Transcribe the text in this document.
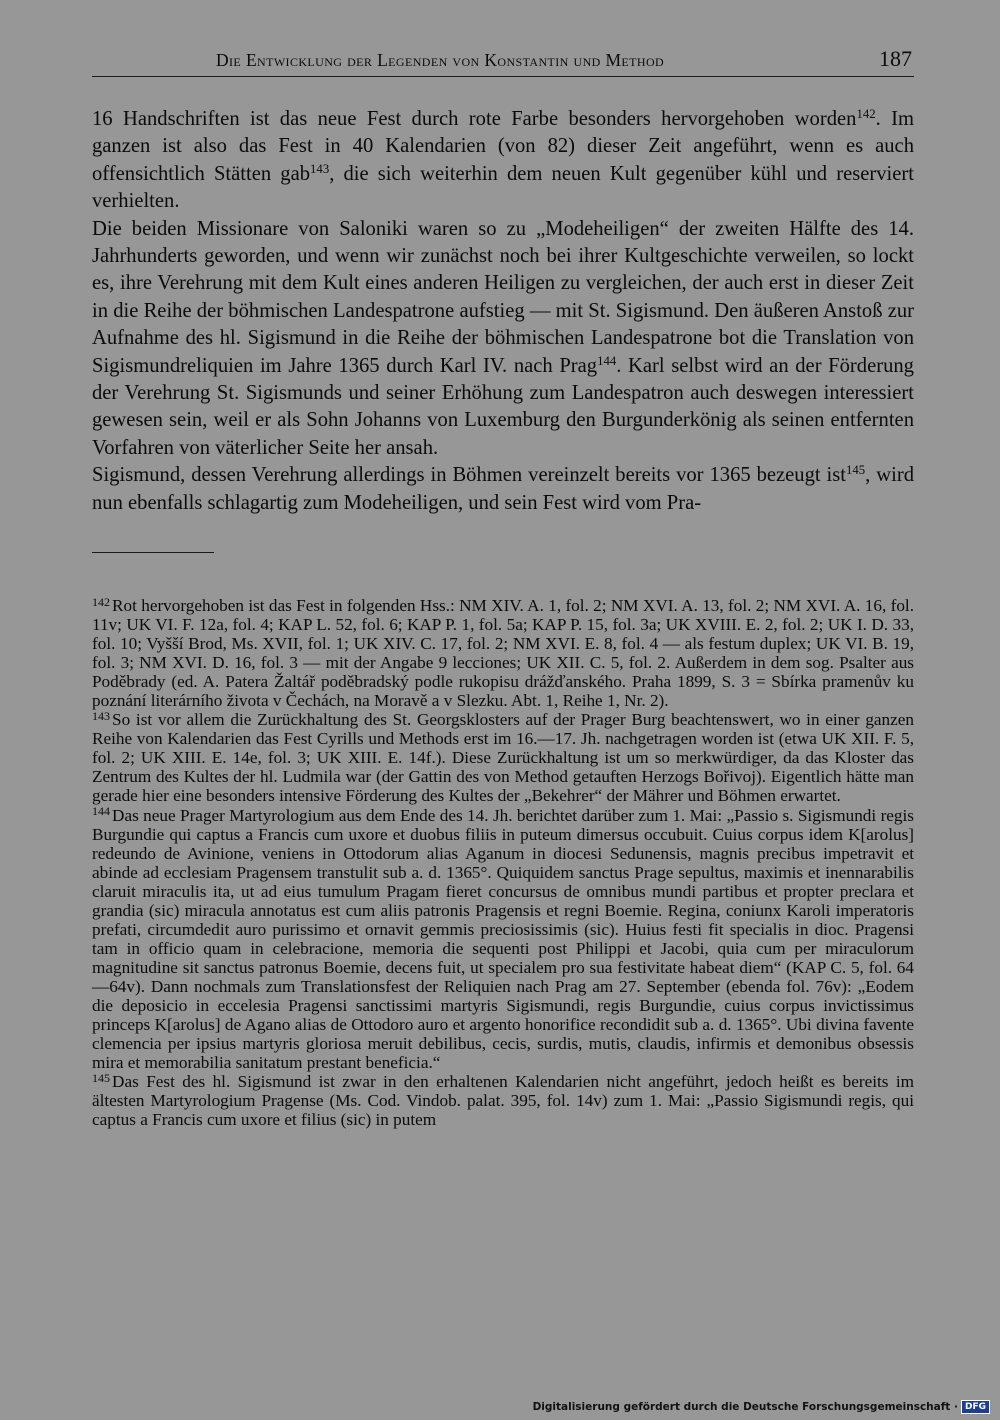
Die Entwicklung der Legenden von Konstantin und Method	187

16 Handschriften ist das neue Fest durch rote Farbe besonders hervorgehoben worden$^{142}$. Im ganzen ist also das Fest in 40 Kalendarien (von 82) dieser Zeit angeführt, wenn es auch offensichtlich Stätten gab$^{143}$, die sich weiterhin dem neuen Kult gegenüber kühl und reserviert verhielten.

Die beiden Missionare von Saloniki waren so zu „Modeheiligen“ der zweiten Hälfte des 14. Jahrhunderts geworden, und wenn wir zunächst noch bei ihrer Kultgeschichte verweilen, so lockt es, ihre Verehrung mit dem Kult eines anderen Heiligen zu vergleichen, der auch erst in dieser Zeit in die Reihe der böhmischen Landespatrone aufstieg — mit St. Sigismund. Den äußeren Anstoß zur Aufnahme des hl. Sigismund in die Reihe der böhmischen Landespatrone bot die Translation von Sigismundreliquien im Jahre 1365 durch Karl IV. nach Prag$^{144}$. Karl selbst wird an der Förderung der Verehrung St. Sigismunds und seiner Erhöhung zum Landespatron auch deswegen interessiert gewesen sein, weil er als Sohn Johanns von Luxemburg den Burgunderkönig als seinen entfernten Vorfahren von väterlicher Seite her ansah.

Sigismund, dessen Verehrung allerdings in Böhmen vereinzelt bereits vor 1365 bezeugt ist$^{145}$, wird nun ebenfalls schlagartig zum Modeheiligen, und sein Fest wird vom Pra-

$^{142}$ Rot hervorgehoben ist das Fest in folgenden Hss.: NM XIV. A. 1, fol. 2; NM XVI. A. 13, fol. 2; NM XVI. A. 16, fol. 11v; UK VI. F. 12a, fol. 4; KAP L. 52, fol. 6; KAP P. 1, fol. 5a; KAP P. 15, fol. 3a; UK XVIII. E. 2, fol. 2; UK I. D. 33, fol. 10; Vyšší Brod, Ms. XVII, fol. 1; UK XIV. C. 17, fol. 2; NM XVI. E. 8, fol. 4 — als festum duplex; UK VI. B. 19, fol. 3; NM XVI. D. 16, fol. 3 — mit der Angabe 9 lecciones; UK XII. C. 5, fol. 2. Außerdem in dem sog. Psalter aus Poděbrady (ed. A. Patera Žaltář poděbradský podle rukopisu drážďanského. Praha 1899, S. 3 = Sbírka pramenův ku poznání literárního života v Čechách, na Moravě a v Slezku. Abt. 1, Reihe 1, Nr. 2).

$^{143}$ So ist vor allem die Zurückhaltung des St. Georgsklosters auf der Prager Burg beachtenswert, wo in einer ganzen Reihe von Kalendarien das Fest Cyrills und Methods erst im 16.—17. Jh. nachgetragen worden ist (etwa UK XII. F. 5, fol. 2; UK XIII. E. 14e, fol. 3; UK XIII. E. 14f.). Diese Zurückhaltung ist um so merkwürdiger, da das Kloster das Zentrum des Kultes der hl. Ludmila war (der Gattin des von Method getauften Herzogs Bořivoj). Eigentlich hätte man gerade hier eine besonders intensive Förderung des Kultes der „Bekehrer“ der Mährer und Böhmen erwartet.

$^{144}$ Das neue Prager Martyrologium aus dem Ende des 14. Jh. berichtet darüber zum 1. Mai: „Passio s. Sigismundi regis Burgundie qui captus a Francis cum uxore et duobus filiis in puteum dimersus occubuit. Cuius corpus idem K[arolus] redeundo de Avinione, veniens in Ottodorum alias Aganum in diocesi Sedunensis, magnis precibus impetravit et abinde ad ecclesiam Pragensem transtulit sub a. d. 1365°. Quiquidem sanctus Prage sepultus, maximis et inennarabilis claruit miraculis ita, ut ad eius tumulum Pragam fieret concursus de omnibus mundi partibus et propter preclara et grandia (sic) miracula annotatus est cum aliis patronis Pragensis et regni Boemie. Regina, coniunx Karoli imperatoris prefati, circumdedit auro purissimo et ornavit gemmis preciosissimis (sic). Huius festi fit specialis in dioc. Pragensi tam in officio quam in celebracione, memoria die sequenti post Philippi et Jacobi, quia cum per miraculorum magnitudine sit sanctus patronus Boemie, decens fuit, ut specialem pro sua festivitate habeat diem“ (KAP C. 5, fol. 64—64v). Dann nochmals zum Translationsfest der Reliquien nach Prag am 27. September (ebenda fol. 76v): „Eodem die deposicio in eccelesia Pragensi sanctissimi martyris Sigismundi, regis Burgundie, cuius corpus invictissimus princeps K[arolus] de Agano alias de Ottodoro auro et argento honorifice recondidit sub a. d. 1365°. Ubi divina favente clemencia per ipsius martyris gloriosa meruit debilibus, cecis, surdis, mutis, claudis, infirmis et demonibus obsessis mira et memorabilia sanitatum prestant beneficia.“

$^{145}$ Das Fest des hl. Sigismund ist zwar in den erhaltenen Kalendarien nicht angeführt, jedoch heißt es bereits im ältesten Martyrologium Pragense (Ms. Cod. Vindob. palat. 395, fol. 14v) zum 1. Mai: „Passio Sigismundi regis, qui captus a Francis cum uxore et filius (sic) in putem

Digitalisierung gefördert durch die Deutsche Forschungsgemeinschaft · DFG
